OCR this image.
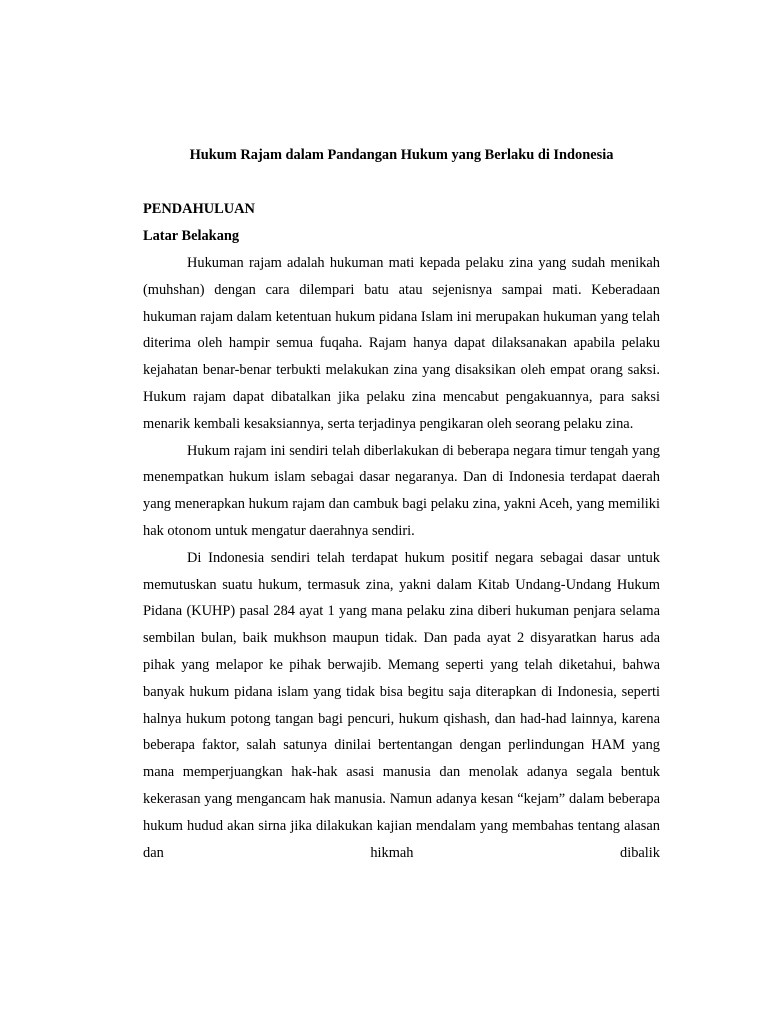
Hukum Rajam dalam Pandangan Hukum yang Berlaku di Indonesia
PENDAHULUAN
Latar Belakang

Hukuman rajam adalah hukuman mati kepada pelaku zina yang sudah menikah (muhshan) dengan cara dilempari batu atau sejenisnya sampai mati. Keberadaan hukuman rajam dalam ketentuan hukum pidana Islam ini merupakan hukuman yang telah diterima oleh hampir semua fuqaha. Rajam hanya dapat dilaksanakan apabila pelaku kejahatan benar-benar terbukti melakukan zina yang disaksikan oleh empat orang saksi. Hukum rajam dapat dibatalkan jika pelaku zina mencabut pengakuannya, para saksi menarik kembali kesaksiannya, serta terjadinya pengikaran oleh seorang pelaku zina.

Hukum rajam ini sendiri telah diberlakukan di beberapa negara timur tengah yang menempatkan hukum islam sebagai dasar negaranya. Dan di Indonesia terdapat daerah yang menerapkan hukum rajam dan cambuk bagi pelaku zina, yakni Aceh, yang memiliki hak otonom untuk mengatur daerahnya sendiri.

Di Indonesia sendiri telah terdapat hukum positif negara sebagai dasar untuk memutuskan suatu hukum, termasuk zina, yakni dalam Kitab Undang-Undang Hukum Pidana (KUHP) pasal 284 ayat 1 yang mana pelaku zina diberi hukuman penjara selama sembilan bulan, baik mukhson maupun tidak. Dan pada ayat 2 disyaratkan harus ada pihak yang melapor ke pihak berwajib. Memang seperti yang telah diketahui, bahwa banyak hukum pidana islam yang tidak bisa begitu saja diterapkan di Indonesia, seperti halnya hukum potong tangan bagi pencuri, hukum qishash, dan had-had lainnya, karena beberapa faktor, salah satunya dinilai bertentangan dengan perlindungan HAM yang mana memperjuangkan hak-hak asasi manusia dan menolak adanya segala bentuk kekerasan yang mengancam hak manusia. Namun adanya kesan “kejam” dalam beberapa hukum hudud akan sirna jika dilakukan kajian mendalam yang membahas tentang alasan dan hikmah dibalik
